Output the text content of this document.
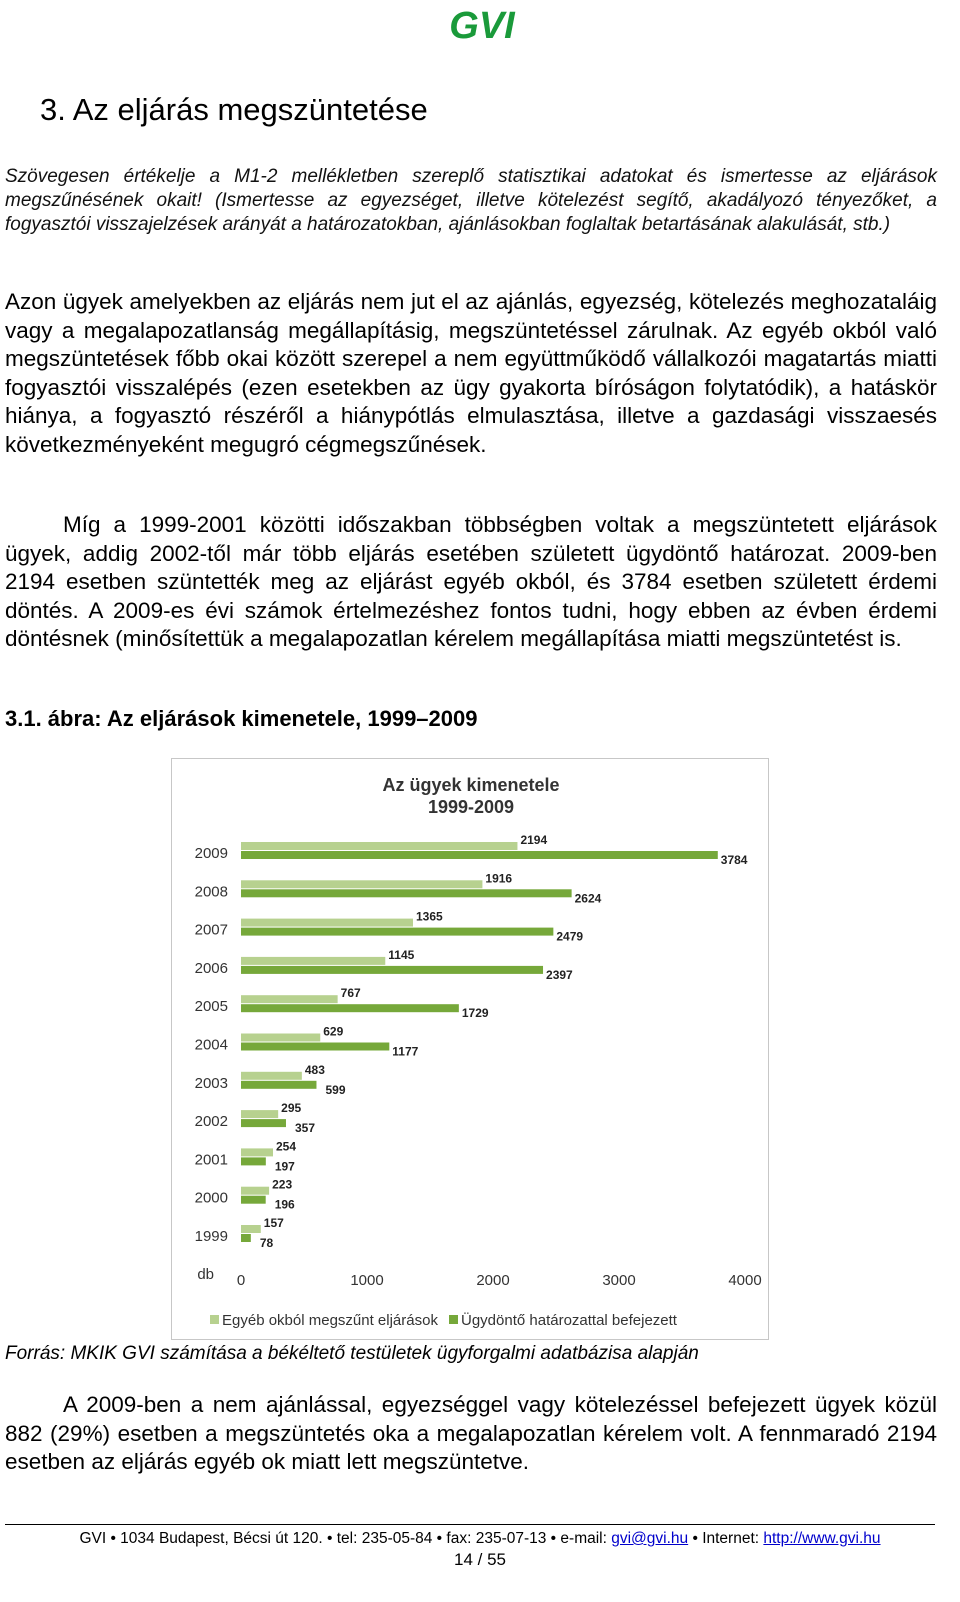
GVI
3. Az eljárás megszüntetése

Szövegesen értékelje a M1-2 mellékletben szereplő statisztikai adatokat és ismertesse az eljárások megszűnésének okait! (Ismertesse az egyezséget, illetve kötelezést segítő, akadályozó tényezőket, a fogyasztói visszajelzések arányát a határozatokban, ajánlásokban foglaltak betartásának alakulását, stb.)

Azon ügyek amelyekben az eljárás nem jut el az ajánlás, egyezség, kötelezés meghozataláig vagy a megalapozatlanság megállapításig, megszüntetéssel zárulnak. Az egyéb okból való megszüntetések főbb okai között szerepel a nem együttműködő vállalkozói magatartás miatti fogyasztói visszalépés (ezen esetekben az ügy gyakorta bíróságon folytatódik), a hatáskör hiánya, a fogyasztó részéről a hiánypótlás elmulasztása, illetve a gazdasági visszaesés következményeként megugró cégmegszűnések.

Míg a 1999-2001 közötti időszakban többségben voltak a megszüntetett eljárások ügyek, addig 2002-től már több eljárás esetében született ügydöntő határozat. 2009-ben 2194 esetben szüntették meg az eljárást egyéb okból, és 3784 esetben született érdemi döntés. A 2009-es évi számok értelmezéshez fontos tudni, hogy ebben az évben érdemi döntésnek (minősítettük a megalapozatlan kérelem megállapítása miatti megszüntetést is.

3.1. ábra: Az eljárások kimenetele, 1999–2009
Az ügyek kimenetele
1999-2009
2009
2194
3784
2008
1916
2624
2007
1365
2479
2006
1145
2397
2005
767
1729
2004
629
1177
2003
483
599
2002
295
357
2001
254
197
2000
223
196
1999
157
78
db 0	1000	2000	3000	4000
Egyéb okból megszűnt eljárások Ügydöntő határozattal befejezett

Forrás: MKIK GVI számítása a békéltető testületek ügyforgalmi adatbázisa alapján

A 2009-ben a nem ajánlással, egyezséggel vagy kötelezéssel befejezett ügyek közül 882 (29%) esetben a megszüntetés oka a megalapozatlan kérelem volt. A fennmaradó 2194 esetben az eljárás egyéb ok miatt lett megszüntetve.

GVI • 1034 Budapest, Bécsi út 120. • tel: 235-05-84 • fax: 235-07-13 • e-mail: gvi@gvi.hu • Internet: http://www.gvi.hu
14 / 55
